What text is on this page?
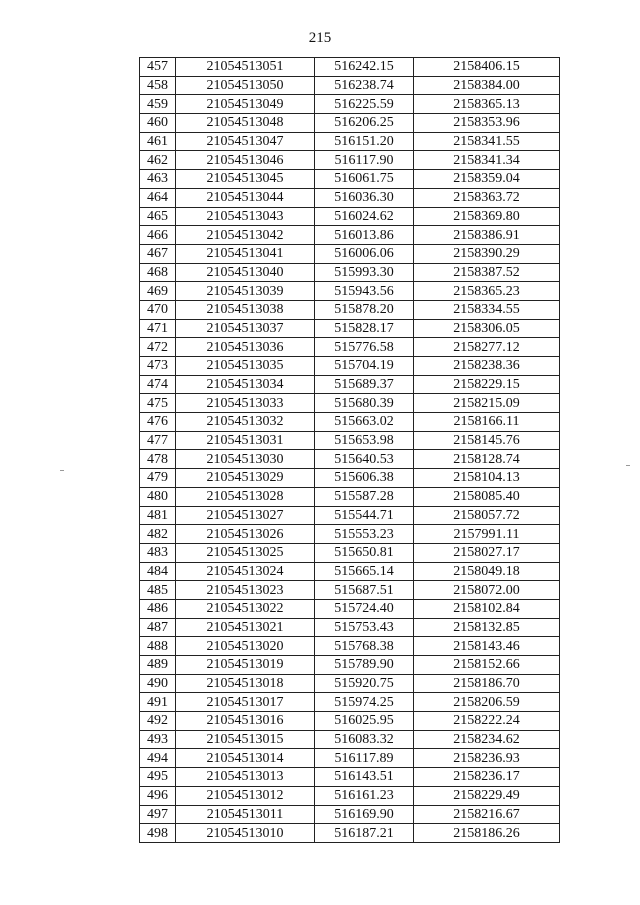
215
457	21054513051	516242.15	2158406.15
458	21054513050	516238.74	2158384.00
459	21054513049	516225.59	2158365.13
460	21054513048	516206.25	2158353.96
461	21054513047	516151.20	2158341.55
462	21054513046	516117.90	2158341.34
463	21054513045	516061.75	2158359.04
464	21054513044	516036.30	2158363.72
465	21054513043	516024.62	2158369.80
466	21054513042	516013.86	2158386.91
467	21054513041	516006.06	2158390.29
468	21054513040	515993.30	2158387.52
469	21054513039	515943.56	2158365.23
470	21054513038	515878.20	2158334.55
471	21054513037	515828.17	2158306.05
472	21054513036	515776.58	2158277.12
473	21054513035	515704.19	2158238.36
474	21054513034	515689.37	2158229.15
475	21054513033	515680.39	2158215.09
476	21054513032	515663.02	2158166.11
477	21054513031	515653.98	2158145.76
478	21054513030	515640.53	2158128.74
479	21054513029	515606.38	2158104.13
480	21054513028	515587.28	2158085.40
481	21054513027	515544.71	2158057.72
482	21054513026	515553.23	2157991.11
483	21054513025	515650.81	2158027.17
484	21054513024	515665.14	2158049.18
485	21054513023	515687.51	2158072.00
486	21054513022	515724.40	2158102.84
487	21054513021	515753.43	2158132.85
488	21054513020	515768.38	2158143.46
489	21054513019	515789.90	2158152.66
490	21054513018	515920.75	2158186.70
491	21054513017	515974.25	2158206.59
492	21054513016	516025.95	2158222.24
493	21054513015	516083.32	2158234.62
494	21054513014	516117.89	2158236.93
495	21054513013	516143.51	2158236.17
496	21054513012	516161.23	2158229.49
497	21054513011	516169.90	2158216.67
498	21054513010	516187.21	2158186.26
